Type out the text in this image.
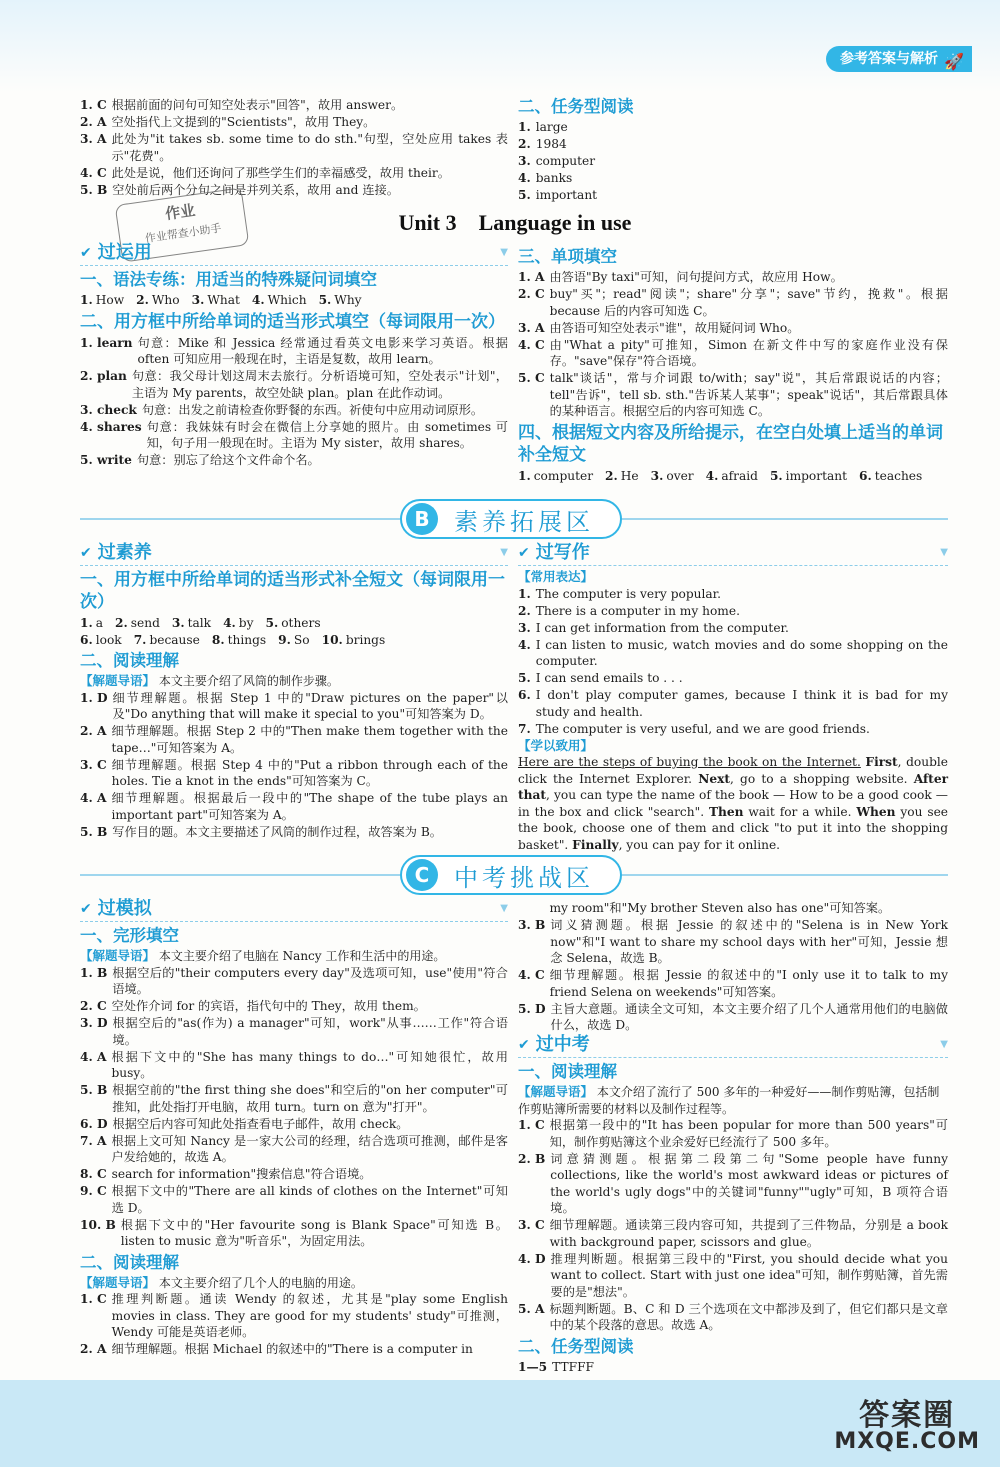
参考答案与解析 🚀
1. C 根据前面的问句可知空处表示"回答"，故用 answer。
2. A 空处指代上文提到的"Scientists"，故用 They。
3. A 此处为"it takes sb. some time to do sth."句型，空处应用 takes 表示"花费"。
4. C 此处是说，他们还询问了那些学生们的幸福感受，故用 their。
5. B 空处前后两个分句之间是并列关系，故用 and 连接。
二、任务型阅读
1. large
2. 1984
3. computer
4. banks
5. important
作业
作业帮查小助手	Unit 3    Language in use
✔ 过运用	▼
一、语法专练：用适当的特殊疑问词填空
1. How 2. Who 3. What 4. Which 5. Why
二、用方框中所给单词的适当形式填空（每词限用一次）
1. learn 句意：Mike 和 Jessica 经常通过看英文电影来学习英语。根据 often 可知应用一般现在时，主语是复数，故用 learn。
2. plan 句意：我父母计划这周末去旅行。分析语境可知，空处表示"计划"，主语为 My parents，故空处缺 plan。plan 在此作动词。
3. check 句意：出发之前请检查你野餐的东西。祈使句中应用动词原形。
4. shares 句意：我妹妹有时会在微信上分享她的照片。由 sometimes 可知，句子用一般现在时。主语为 My sister，故用 shares。
5. write 句意：别忘了给这个文件命个名。
三、单项填空
1. A 由答语"By taxi"可知，问句提问方式，故应用 How。
2. C buy"买"；read"阅读"；share"分享"；save"节约，挽救"。根据 because 后的内容可知选 C。
3. A 由答语可知空处表示"谁"，故用疑问词 Who。
4. C 由"What a pity"可推知，Simon 在新文件中写的家庭作业没有保存。"save"保存"符合语境。
5. C talk"谈话"，常与介词跟 to/with；say"说"，其后常跟说话的内容；tell"告诉"，tell sb. sth."告诉某人某事"；speak"说话"，其后常跟具体的某种语言。根据空后的内容可知选 C。
四、根据短文内容及所给提示，在空白处填上适当的单词补全短文
1. computer 2. He 3. over 4. afraid 5. important 6. teaches
B	素养拓展区
✔ 过素养	▼
一、用方框中所给单词的适当形式补全短文（每词限用一次）
1. a 2. send 3. talk 4. by 5. others
6. look 7. because 8. things 9. So 10. brings
二、阅读理解
【解题导语】 本文主要介绍了风筒的制作步骤。
1. D 细节理解题。根据 Step 1 中的"Draw pictures on the paper"以及"Do anything that will make it special to you"可知答案为 D。
2. A 细节理解题。根据 Step 2 中的"Then make them together with the tape…"可知答案为 A。
3. C 细节理解题。根据 Step 4 中的"Put a ribbon through each of the holes. Tie a knot in the ends"可知答案为 C。
4. A 细节理解题。根据最后一段中的"The shape of the tube plays an important part"可知答案为 A。
5. B 写作目的题。本文主要描述了风筒的制作过程，故答案为 B。
✔ 过写作	▼
【常用表达】
1. The computer is very popular.
2. There is a computer in my home.
3. I can get information from the computer.
4. I can listen to music, watch movies and do some shopping on the computer.
5. I can send emails to . . .
6. I don't play computer games, because I think it is bad for my study and health.
7. The computer is very useful, and we are good friends.
【学以致用】
Here are the steps of buying the book on the Internet. First, double click the Internet Explorer. Next, go to a shopping website. After that, you can type the name of the book — How to be a good cook — in the box and click "search". Then wait for a while. When you see the book, choose one of them and click "to put it into the shopping basket". Finally, you can pay for it online.
C	中考挑战区
✔ 过模拟	▼
一、完形填空
【解题导语】 本文主要介绍了电脑在 Nancy 工作和生活中的用途。
1. B 根据空后的"their computers every day"及选项可知，use"使用"符合语境。
2. C 空处作介词 for 的宾语，指代句中的 They，故用 them。
3. D 根据空后的"as(作为) a manager"可知，work"从事……工作"符合语境。
4. A 根据下文中的"She has many things to do…"可知她很忙，故用 busy。
5. B 根据空前的"the first thing she does"和空后的"on her computer"可推知，此处指打开电脑，故用 turn。turn on 意为"打开"。
6. D 根据空后内容可知此处指查看电子邮件，故用 check。
7. A 根据上文可知 Nancy 是一家大公司的经理，结合选项可推测，邮件是客户发给她的，故选 A。
8. C search for information"搜索信息"符合语境。
9. C 根据下文中的"There are all kinds of clothes on the Internet"可知选 D。
10. B 根据下文中的"Her favourite song is Blank Space"可知选 B。listen to music 意为"听音乐"，为固定用法。
二、阅读理解
【解题导语】 本文主要介绍了几个人的电脑的用途。
1. C 推理判断题。通读 Wendy 的叙述，尤其是"play some English movies in class. They are good for my students' study"可推测，Wendy 可能是英语老师。
2. A 细节理解题。根据 Michael 的叙述中的"There is a computer in
my room"和"My brother Steven also has one"可知答案。
3. B 词义猜测题。根据 Jessie 的叙述中的"Selena is in New York now"和"I want to share my school days with her"可知，Jessie 想念 Selena，故选 B。
4. C 细节理解题。根据 Jessie 的叙述中的"I only use it to talk to my friend Selena on weekends"可知答案。
5. D 主旨大意题。通读全文可知，本文主要介绍了几个人通常用他们的电脑做什么，故选 D。
✔ 过中考	▼
一、阅读理解
【解题导语】 本文介绍了流行了 500 多年的一种爱好——制作剪贴簿，包括制作剪贴簿所需要的材料以及制作过程等。
1. C 根据第一段中的"It has been popular for more than 500 years"可知，制作剪贴簿这个业余爱好已经流行了 500 多年。
2. B 词意猜测题。根据第二段第二句"Some people have funny collections, like the world's most awkward ideas or pictures of the world's ugly dogs"中的关键词"funny""ugly"可知，B 项符合语境。
3. C 细节理解题。通读第三段内容可知，共提到了三件物品，分别是 a book with background paper, scissors and glue。
4. D 推理判断题。根据第三段中的"First, you should decide what you want to collect. Start with just one idea"可知，制作剪贴簿，首先需要的是"想法"。
5. A 标题判断题。B、C 和 D 三个选项在文中都涉及到了，但它们都只是文章中的某个段落的意思。故选 A。
二、任务型阅读
1—5 TTFFF
答案圈
MXQE.COM
